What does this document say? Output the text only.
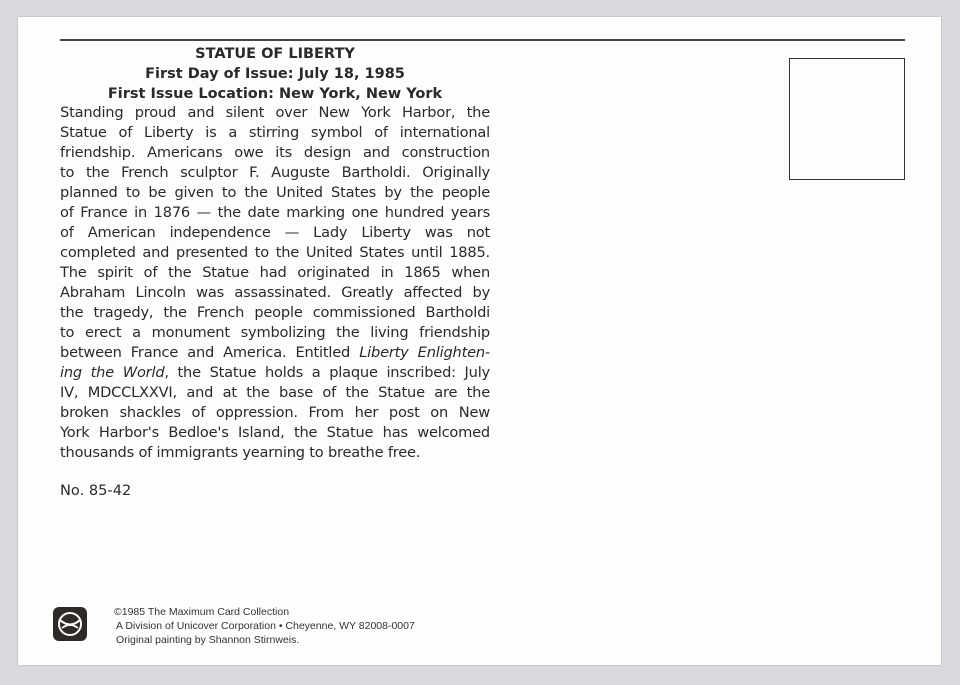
STATUE OF LIBERTY
First Day of Issue: July 18, 1985
First Issue Location: New York, New York
Standing proud and silent over New York Harbor, the
Statue of Liberty is a stirring symbol of international
friendship. Americans owe its design and construction
to the French sculptor F. Auguste Bartholdi. Originally
planned to be given to the United States by the people
of France in 1876 — the date marking one hundred years
of American independence — Lady Liberty was not
completed and presented to the United States until 1885.
The spirit of the Statue had originated in 1865 when
Abraham Lincoln was assassinated. Greatly affected by
the tragedy, the French people commissioned Bartholdi
to erect a monument symbolizing the living friendship
between France and America. Entitled Liberty Enlighten-
ing the World, the Statue holds a plaque inscribed: July
IV, MDCCLXXVI, and at the base of the Statue are the
broken shackles of oppression. From her post on New
York Harbor's Bedloe's Island, the Statue has welcomed
thousands of immigrants yearning to breathe free.
No. 85-42
©1985 The Maximum Card Collection
A Division of Unicover Corporation • Cheyenne, WY 82008-0007
Original painting by Shannon Stirnweis.
